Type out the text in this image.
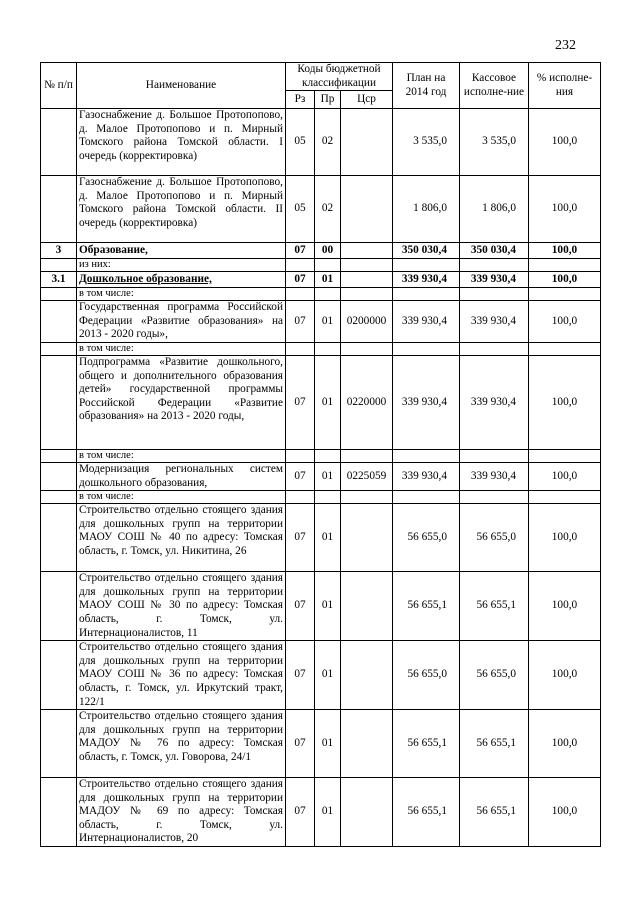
232
№ п/п	Наименование	Коды бюджетной классификации			План на 2014 год	Кассовое исполне-ние	% исполне-ния
		Рз	Пр	Цср			
	Газоснабжение д. Большое Протопопово, д. Малое Протопопово и п. Мирный Томского района Томской области. I очередь (корректировка)	05	02		3 535,0	3 535,0	100,0
	Газоснабжение д. Большое Протопопово, д. Малое Протопопово и п. Мирный Томского района Томской области. II очередь (корректировка)	05	02		1 806,0	1 806,0	100,0
3	Образование,	07	00		350 030,4	350 030,4	100,0
	из них:						
3.1	Дошкольное образование,	07	01		339 930,4	339 930,4	100,0
	в том числе:						
	Государственная программа Российской Федерации «Развитие образования» на 2013 - 2020 годы»,	07	01	0200000	339 930,4	339 930,4	100,0
	в том числе:						
	Подпрограмма «Развитие дошкольного, общего и дополнительного образования детей» государственной программы Российской Федерации «Развитие образования» на 2013 - 2020 годы,	07	01	0220000	339 930,4	339 930,4	100,0
	в том числе:						
	Модернизация региональных систем дошкольного образования,	07	01	0225059	339 930,4	339 930,4	100,0
	в том числе:						
	Строительство отдельно стоящего здания для дошкольных групп на территории МАОУ СОШ № 40 по адресу: Томская область, г. Томск, ул. Никитина, 26	07	01		56 655,0	56 655,0	100,0
	Строительство отдельно стоящего здания для дошкольных групп на территории МАОУ СОШ № 30 по адресу: Томская область, г. Томск, ул. Интернационалистов, 11	07	01		56 655,1	56 655,1	100,0
	Строительство отдельно стоящего здания для дошкольных групп на территории МАОУ СОШ № 36 по адресу: Томская область, г. Томск, ул. Иркутский тракт, 122/1	07	01		56 655,0	56 655,0	100,0
	Строительство отдельно стоящего здания для дошкольных групп на территории МАДОУ № 76 по адресу: Томская область, г. Томск, ул. Говорова, 24/1	07	01		56 655,1	56 655,1	100,0
	Строительство отдельно стоящего здания для дошкольных групп на территории МАДОУ № 69 по адресу: Томская область, г. Томск, ул. Интернационалистов, 20	07	01		56 655,1	56 655,1	100,0
